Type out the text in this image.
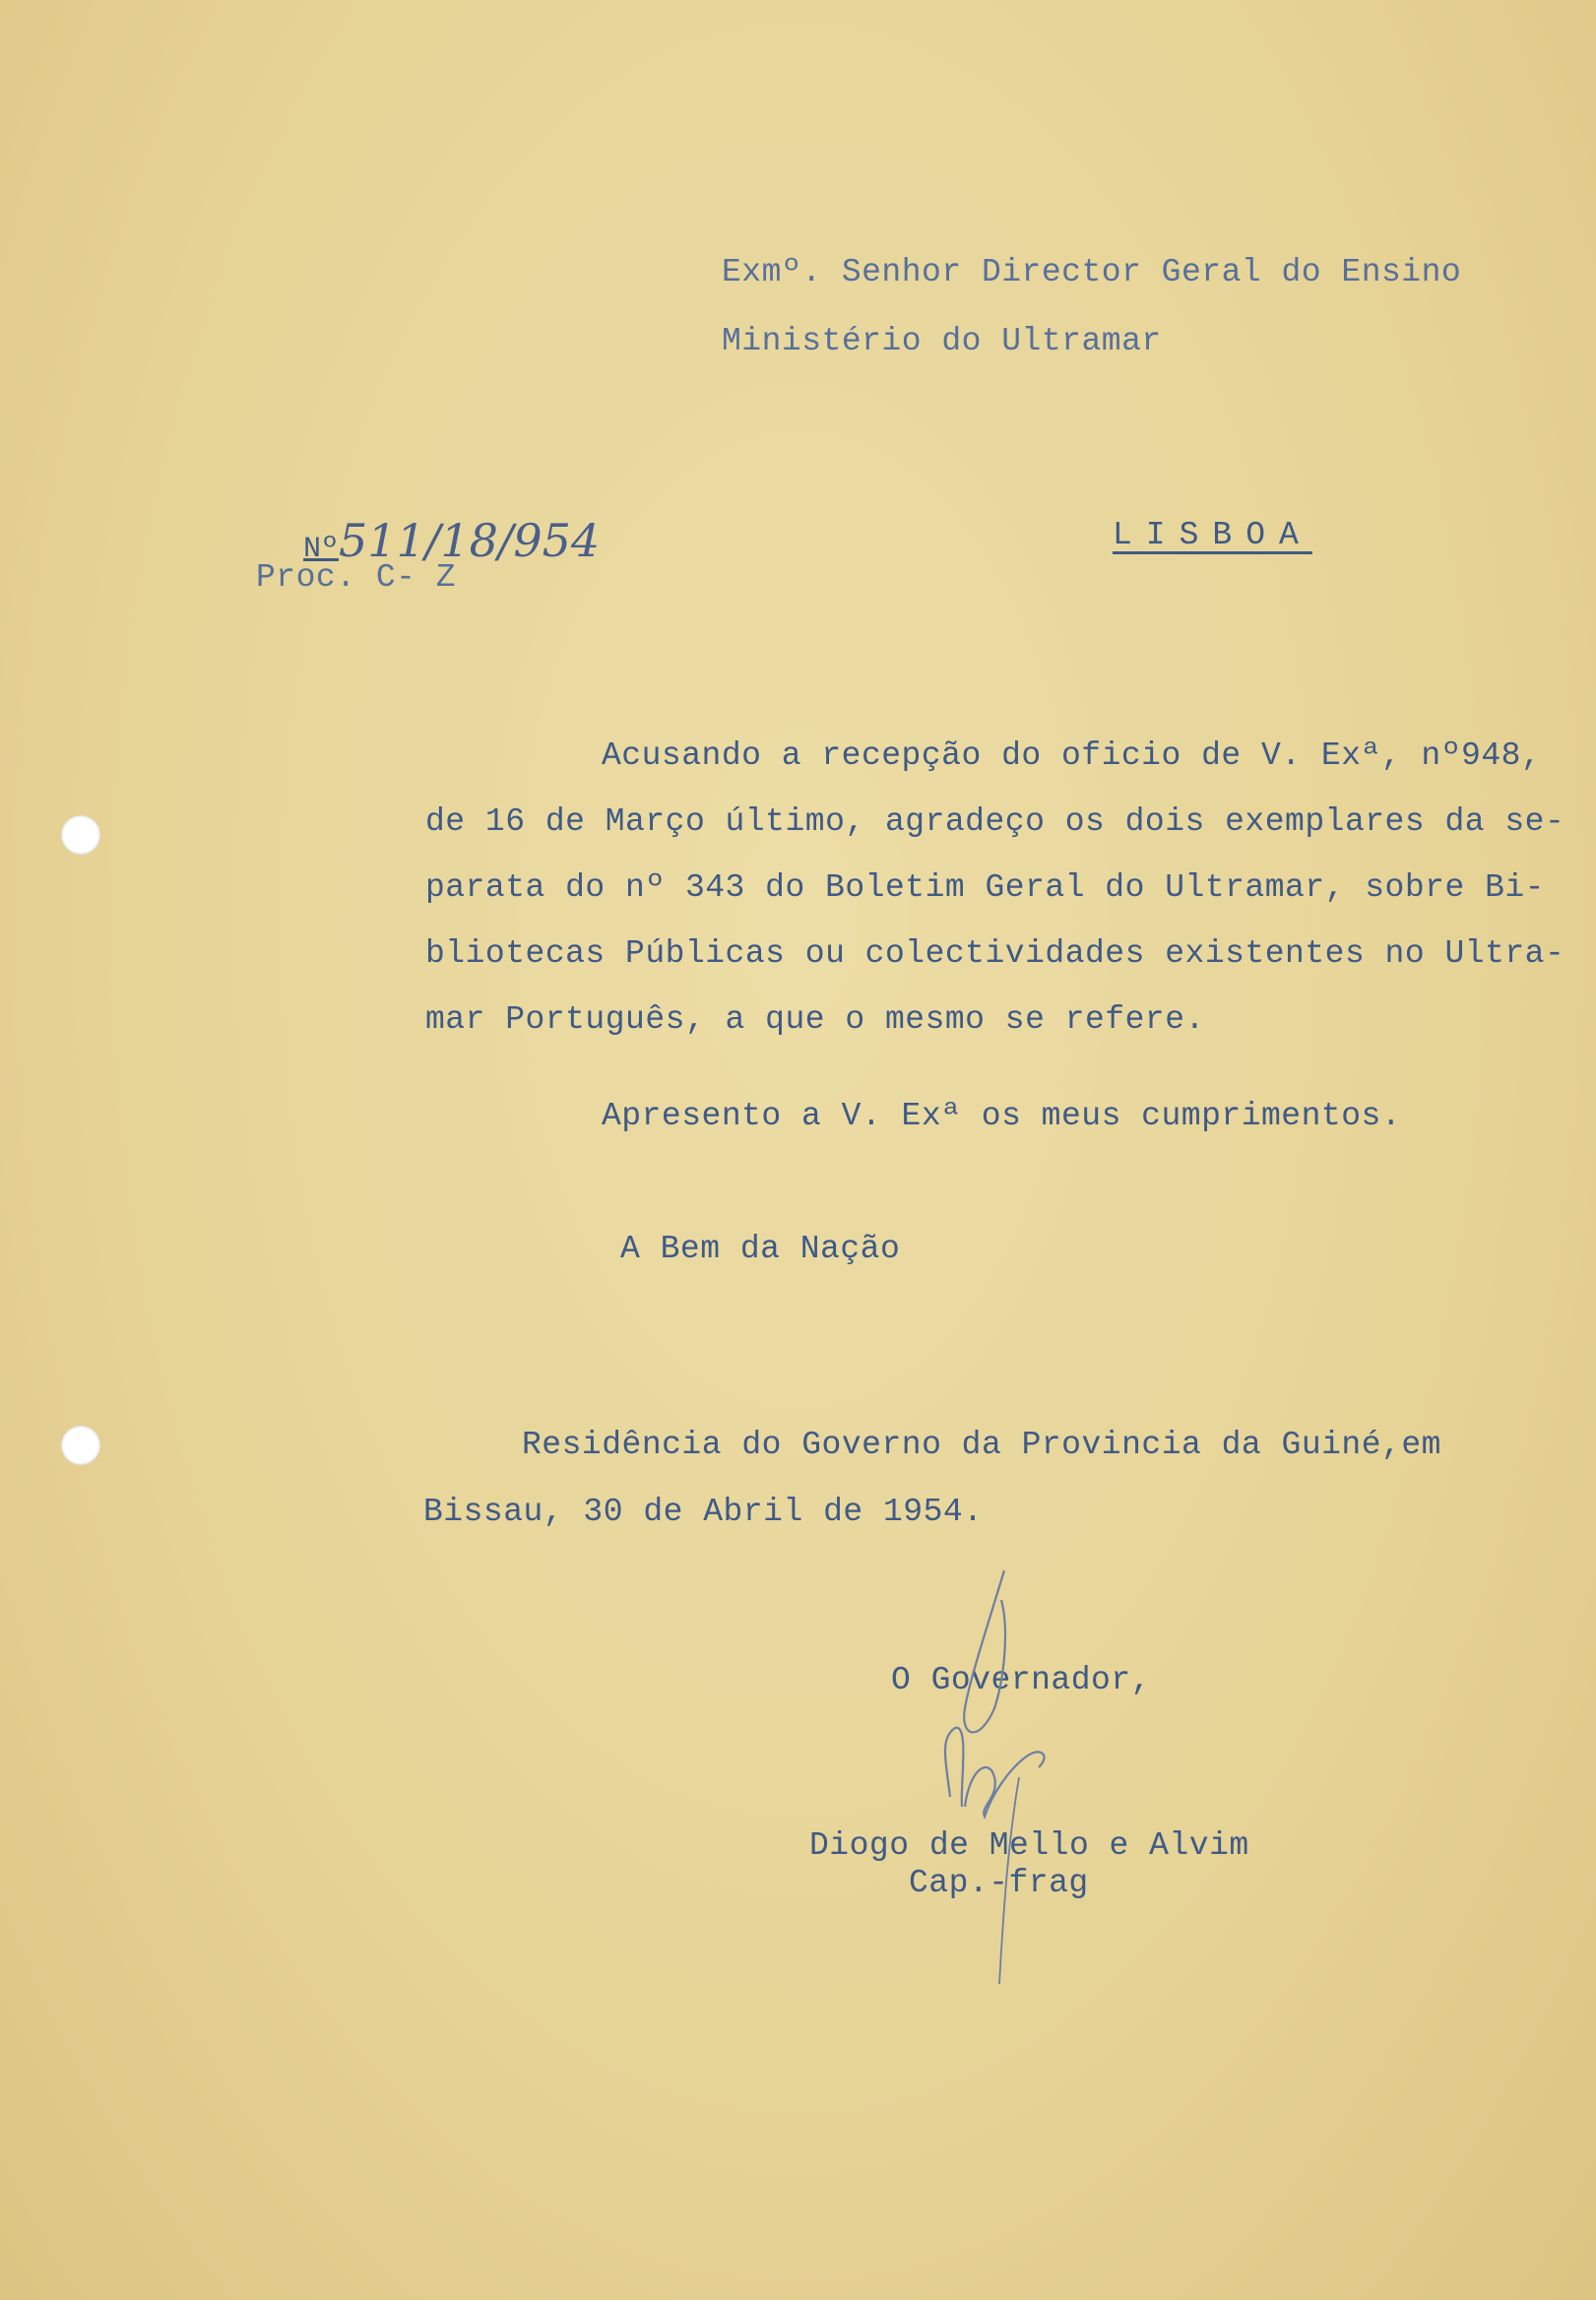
Exmº. Senhor Director Geral do Ensino
Ministério do Ultramar

Nº511/18/954

Proc. C- Z
LISBOA
Acusando a recepção do oficio de V. Exª, nº948,
de 16 de Março último, agradeço os dois exemplares da se-
parata do nº 343 do Boletim Geral do Ultramar, sobre Bi-
bliotecas Públicas ou colectividades existentes no Ultra-
mar Português, a que o mesmo se refere.
Apresento a V. Exª os meus cumprimentos.
A Bem da Nação
Residência do Governo da Provincia da Guiné,em
Bissau, 30 de Abril de 1954.
O Governador,
Diogo de Mello e Alvim
Cap.-frag
